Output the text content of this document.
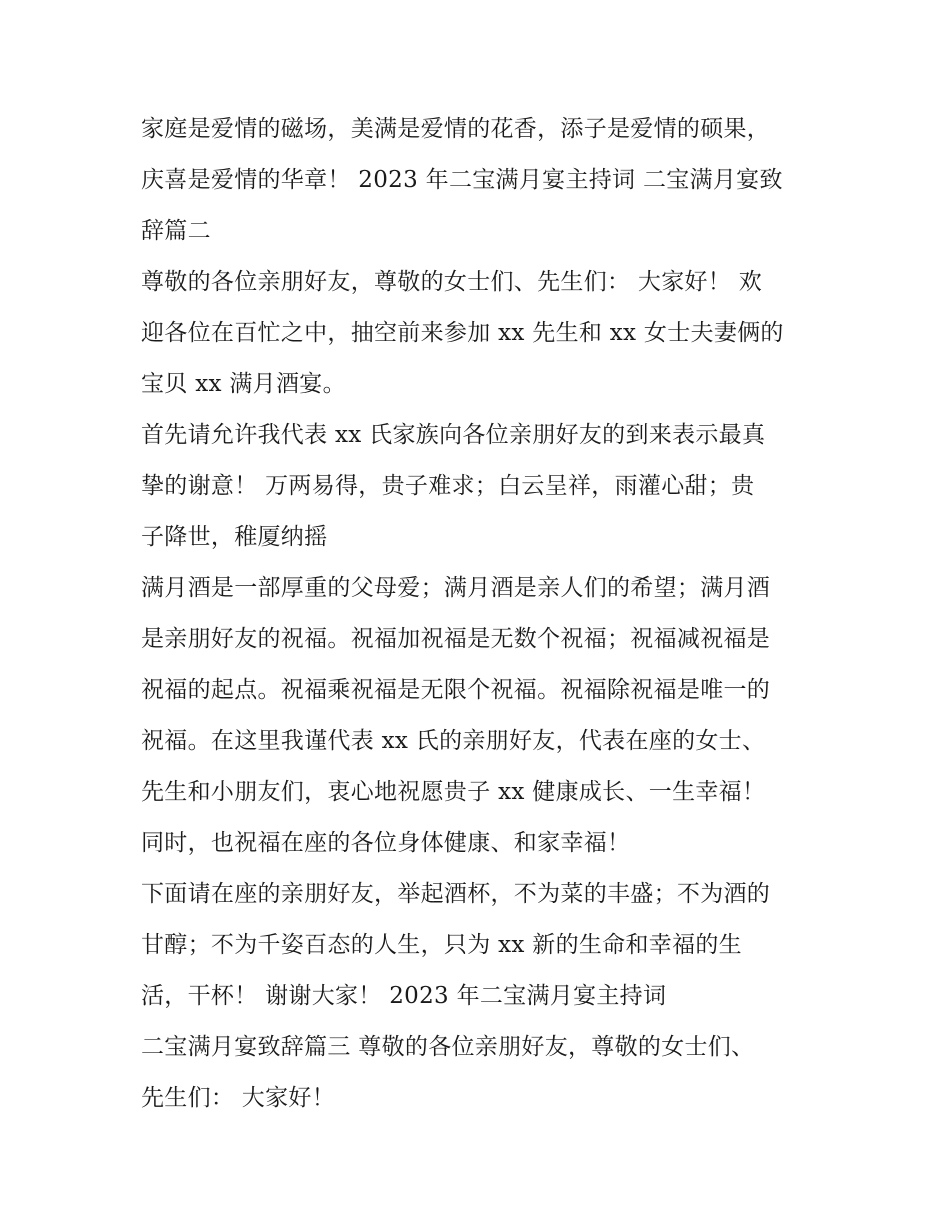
家庭是爱情的磁场，美满是爱情的花香，添子是爱情的硕果，
庆喜是爱情的华章！ 2023 年二宝满月宴主持词 二宝满月宴致
辞篇二
尊敬的各位亲朋好友，尊敬的女士们、先生们： 大家好！ 欢
迎各位在百忙之中，抽空前来参加 xx 先生和 xx 女士夫妻俩的
宝贝 xx 满月酒宴。
首先请允许我代表 xx 氏家族向各位亲朋好友的到来表示最真
挚的谢意！ 万两易得，贵子难求；白云呈祥，雨灌心甜；贵
子降世，稚厦纳摇
满月酒是一部厚重的父母爱；满月酒是亲人们的希望；满月酒
是亲朋好友的祝福。祝福加祝福是无数个祝福；祝福减祝福是
祝福的起点。祝福乘祝福是无限个祝福。祝福除祝福是唯一的
祝福。在这里我谨代表 xx 氏的亲朋好友，代表在座的女士、
先生和小朋友们，衷心地祝愿贵子 xx 健康成长、一生幸福！
同时，也祝福在座的各位身体健康、和家幸福！
下面请在座的亲朋好友，举起酒杯，不为菜的丰盛；不为酒的
甘醇；不为千姿百态的人生，只为 xx 新的生命和幸福的生
活，干杯！ 谢谢大家！ 2023 年二宝满月宴主持词
二宝满月宴致辞篇三 尊敬的各位亲朋好友，尊敬的女士们、
先生们： 大家好！
